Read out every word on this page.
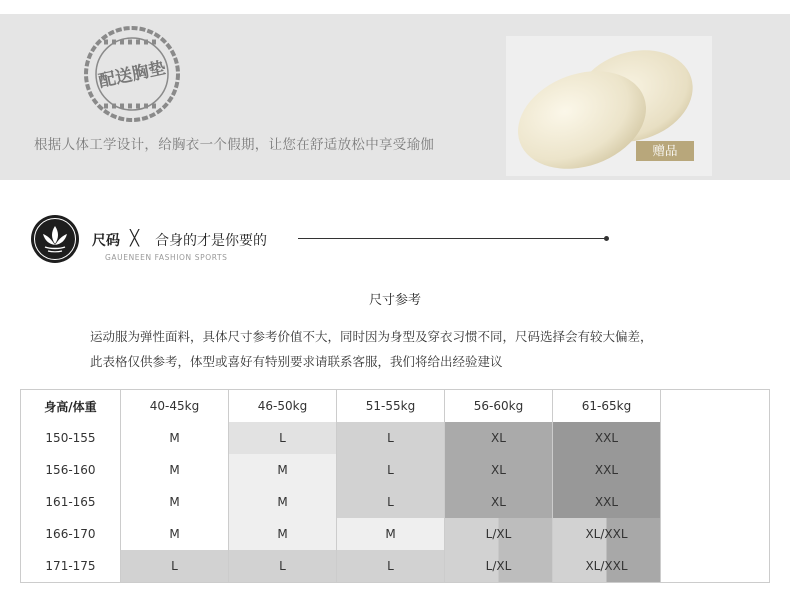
配送胸垫
根据人体工学设计，给胸衣一个假期，让您在舒适放松中享受瑜伽	赠品
尺码 ╳ 合身的才是你要的
GAUENEEN FASHION SPORTS
尺寸参考
运动服为弹性面料，具体尺寸参考价值不大，同时因为身型及穿衣习惯不同，尺码选择会有较大偏差，
此表格仅供参考，体型或喜好有特别要求请联系客服，我们将给出经验建议
身高/体重	40-45kg	46-50kg	51-55kg	56-60kg	61-65kg
150-155	M	L	L	XL	XXL
156-160	M	M	L	XL	XXL
161-165	M	M	L	XL	XXL
166-170	M	M	M	L/XL	XL/XXL
171-175	L	L	L	L/XL	XL/XXL
